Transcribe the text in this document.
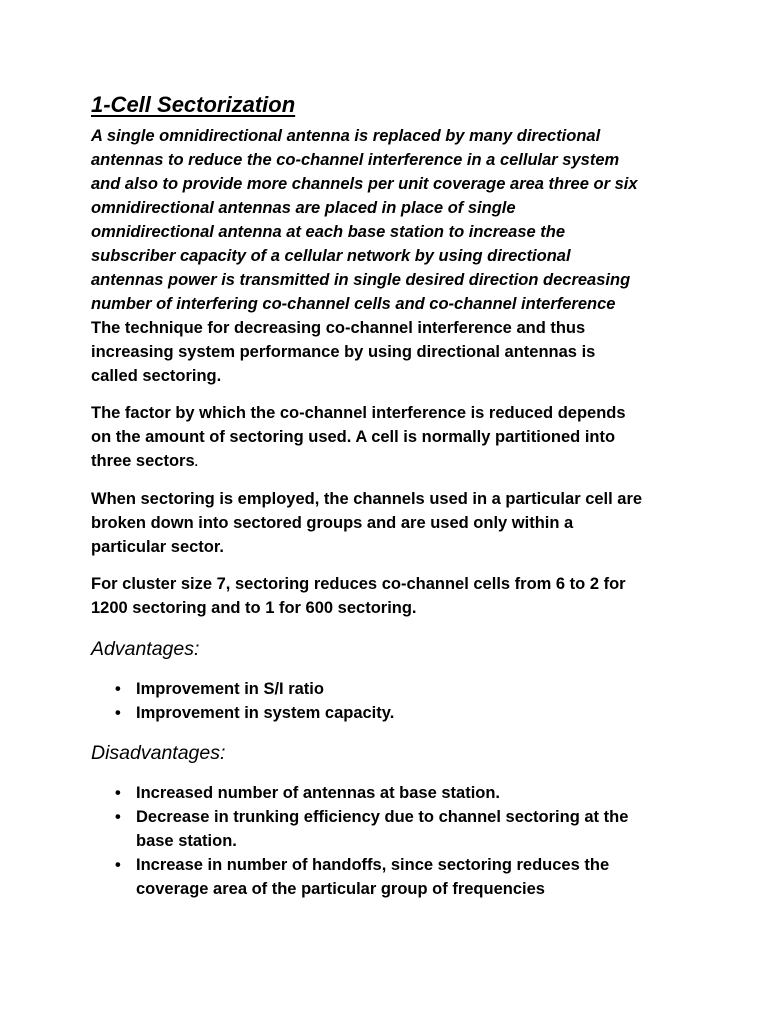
1-Cell Sectorization
A single omnidirectional antenna is replaced by many directional
antennas to reduce the co-channel interference in a cellular system
and also to provide more channels per unit coverage area three or six
omnidirectional antennas are placed in place of single
omnidirectional antenna at each base station to increase the
subscriber capacity of a cellular network by using directional
antennas power is transmitted in single desired direction decreasing
number of interfering co-channel cells and co-channel interference
The technique for decreasing co-channel interference and thus
increasing system performance by using directional antennas is
called sectoring.
The factor by which the co-channel interference is reduced depends
on the amount of sectoring used. A cell is normally partitioned into
three sectors.
When sectoring is employed, the channels used in a particular cell are
broken down into sectored groups and are used only within a
particular sector.
For cluster size 7, sectoring reduces co-channel cells from 6 to 2 for
1200 sectoring and to 1 for 600 sectoring.
Advantages:
• Improvement in S/I ratio
• Improvement in system capacity.
Disadvantages:
• Increased number of antennas at base station.
• Decrease in trunking efficiency due to channel sectoring at the
base station.
• Increase in number of handoffs, since sectoring reduces the
coverage area of the particular group of frequencies
